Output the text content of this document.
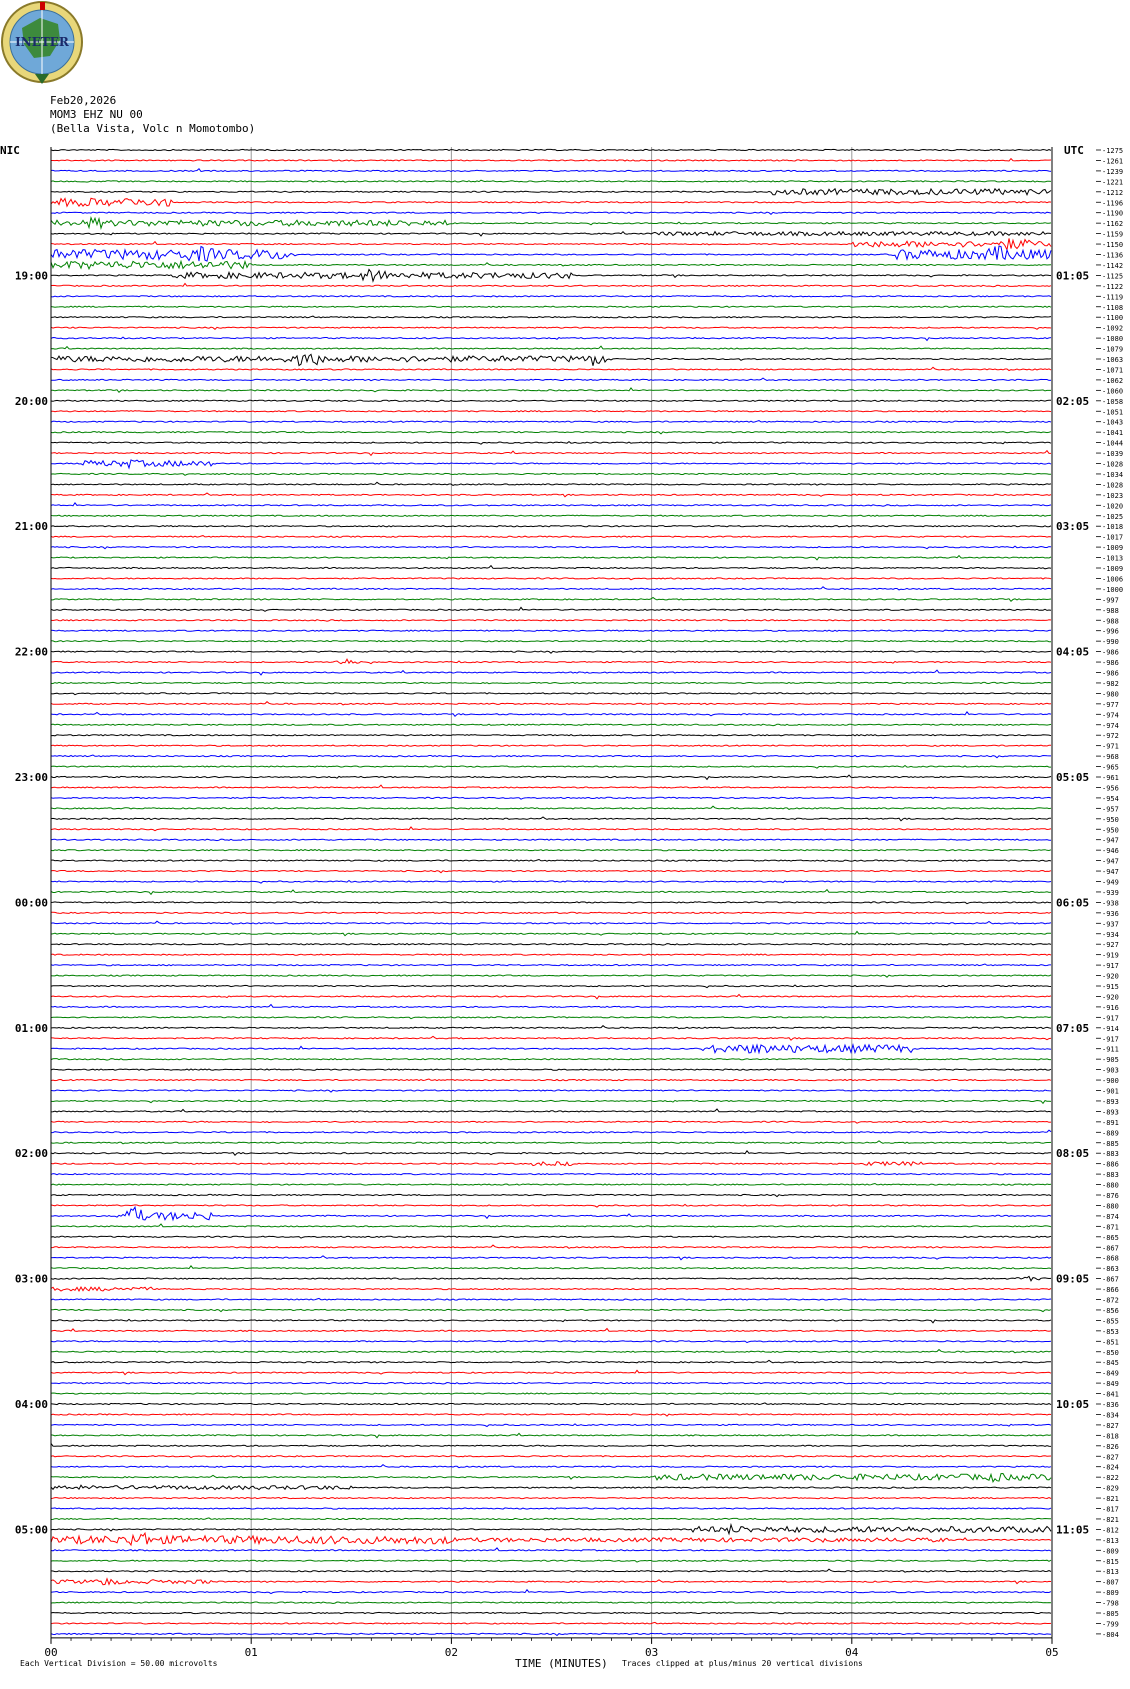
INETER
Feb20,2026
MOM3 EHZ NU 00
(Bella Vista, Volc n Momotombo)
-1275
-1261
-1239
-1221
-1212
-1196
-1190
-1162
-1159
-1150
-1136
-1142
-1125
-1122
-1119
-1108
-1100
-1092
-1080
-1079
-1063
-1071
-1062
-1060
-1058
-1051
-1043
-1041
-1044
-1039
-1028
-1034
-1028
-1023
-1020
-1025
-1018
-1017
-1009
-1013
-1009
-1006
-1000
-997
-988
-988
-996
-990
-986
-986
-986
-982
-980
-977
-974
-974
-972
-971
-968
-965
-961
-956
-954
-957
-950
-950
-947
-946
-947
-947
-949
-939
-938
-936
-937
-934
-927
-919
-917
-920
-915
-920
-916
-917
-914
-917
-911
-905
-903
-900
-901
-893
-893
-891
-889
-885
-883
-886
-883
-880
-876
-880
-874
-871
-865
-867
-868
-863
-867
-866
-872
-856
-855
-853
-851
-850
-845
-849
-849
-841
-836
-834
-827
-818
-826
-827
-824
-822
-829
-821
-817
-821
-812
-813
-809
-815
-813
-807
-809
-798
-805
-799
-804
NIC	UTC
19:00
20:00
21:00
22:00
23:00
00:00
01:00
02:00
03:00
04:00
05:00
01:05
02:05
03:05
04:05
05:05
06:05
07:05
08:05
09:05
10:05
11:05
00	01	02	03	04	05
Each Vertical Division = 50.00 microvolts	TIME (MINUTES) Traces clipped at plus/minus 20 vertical divisions
